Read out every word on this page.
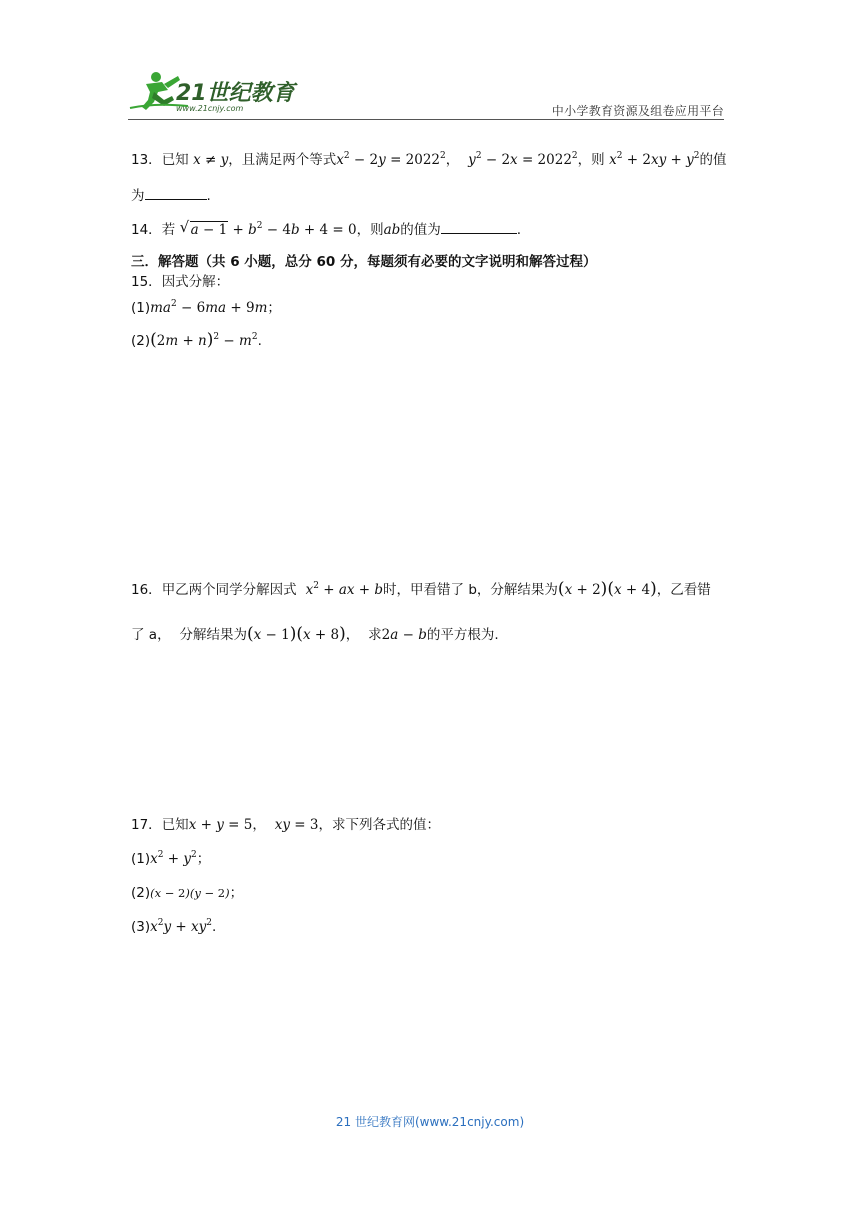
21世纪教育
www.21cnjy.com	中小学教育资源及组卷应用平台
13．已知 x ≠ y，且满足两个等式$x^2 - 2y = 2022^2$， $y^2 - 2x = 2022^2$，则 $x^2 + 2xy + y^2$的值
为	.
14．若 √ $a - 1 + b^2 - 4b + 4 = 0$，则ab的值为	.
三．解答题（共 6 小题，总分 60 分，每题须有必要的文字说明和解答过程）
15．因式分解：
$(1)ma^2 - 6ma + 9m$；
$(2)(2m + n)^2 - m^2$.
16．甲乙两个同学分解因式 $x^2$ + ax + b时，甲看错了 b，分解结果为(x + 2)(x + 4)，乙看错
了 a， 分解结果为(x − 1)(x + 8)， 求2a − b的平方根为.
17．已知x + y = 5， xy = 3，求下列各式的值：
$(1)x^2 + y^2$；
(2)(x − 2)(y − 2)；
$(3)x^2y + xy^2$.
21 世纪教育网(www.21cnjy.com)
